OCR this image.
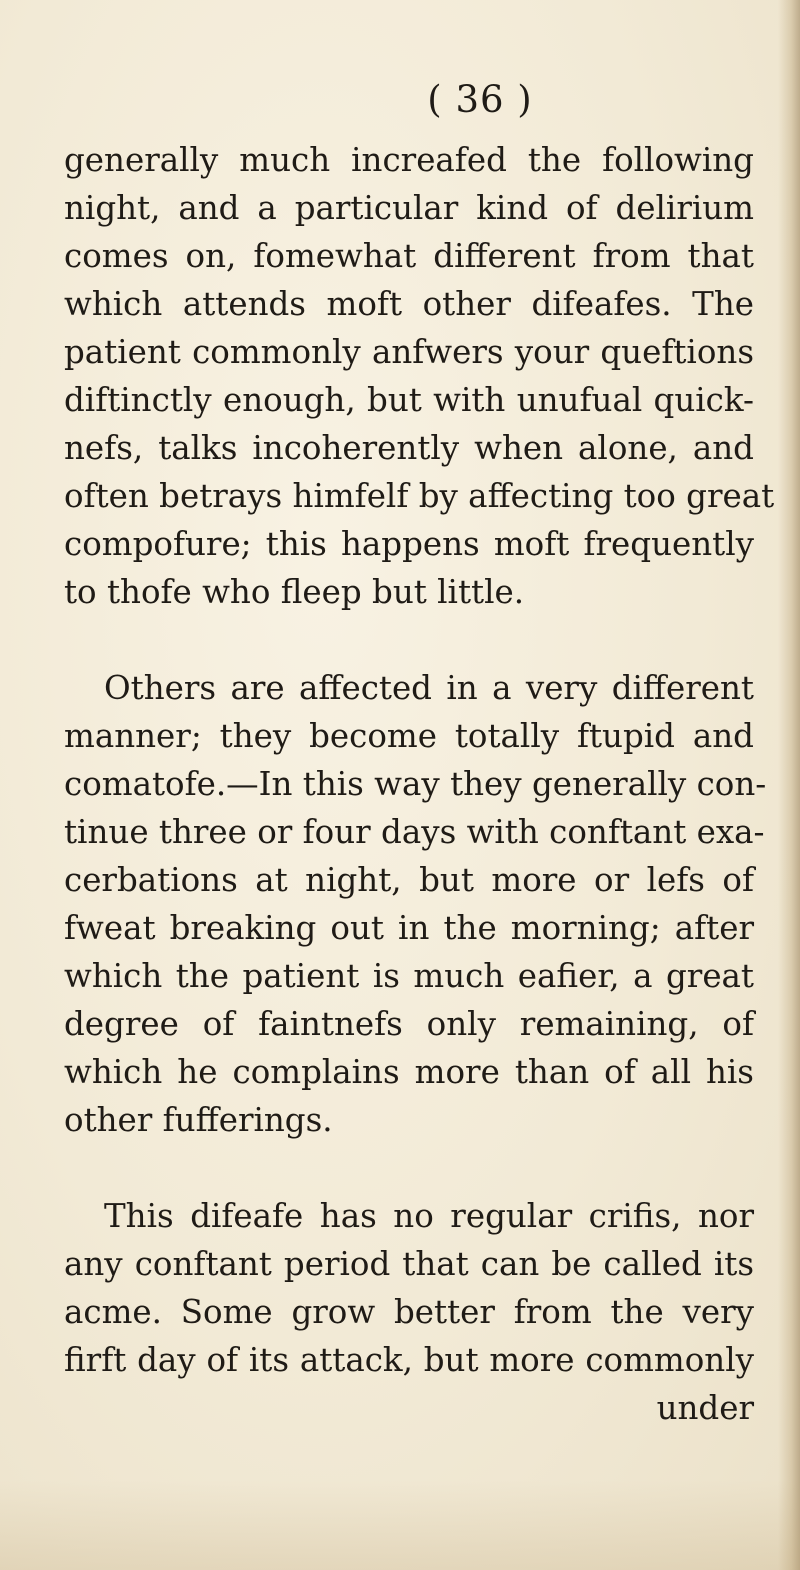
( 36 )
generally much increafed the following
night, and a particular kind of delirium
comes on, fomewhat different from that
which attends moft other difeafes. The
patient commonly anfwers your queftions
diftinctly enough, but with unufual quick-
nefs, talks incoherently when alone, and
often betrays himfelf by affecting too great
compofure; this happens moft frequently
to thofe who fleep but little.
Others are affected in a very different
manner; they become totally ftupid and
comatofe.—In this way they generally con-
tinue three or four days with conftant exa-
cerbations at night, but more or lefs of
fweat breaking out in the morning; after
which the patient is much eafier, a great
degree of faintnefs only remaining, of
which he complains more than of all his
other fufferings.
This difeafe has no regular crifis, nor
any conftant period that can be called its
acme. Some grow better from the very
firft day of its attack, but more commonly
under
